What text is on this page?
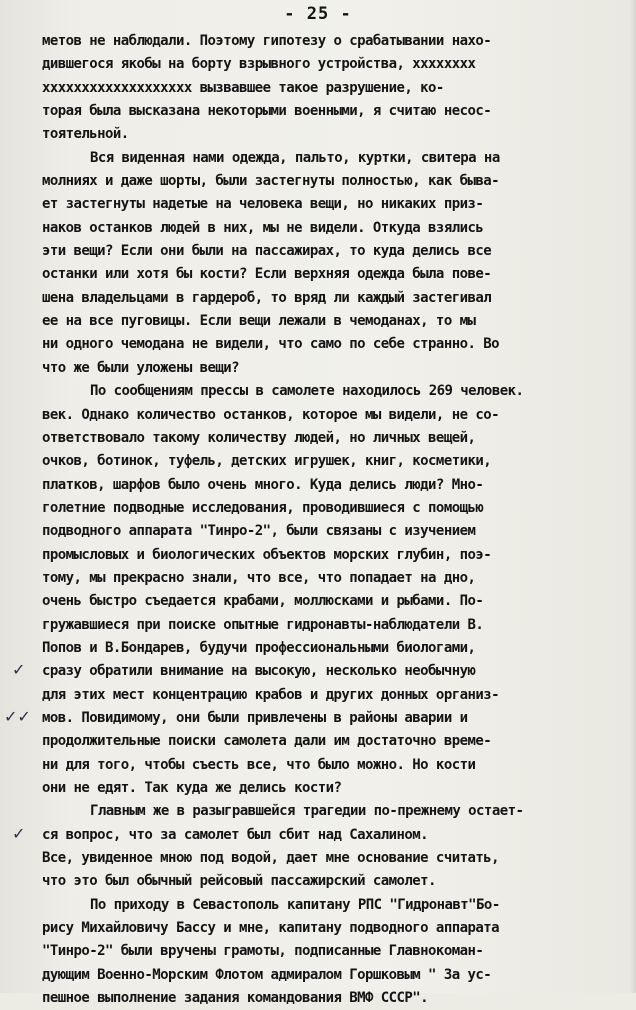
- 25 -
метов не наблюдали. Поэтому гипотезу о срабатывании нахо-
дившегося якобы на борту взрывного устройства, xxxxxxxx
xxxxxxxxxxxxxxxxxxx вызвавшее такое разрушение, ко-
торая была высказана некоторыми военными, я считаю несос-
тоятельной.
Вся виденная нами одежда, пальто, куртки, свитера на
молниях и даже шорты, были застегнуты полностью, как быва-
ет застегнуты надетые на человека вещи, но никаких приз-
наков останков людей в них, мы не видели. Откуда взялись
эти вещи? Если они были на пассажирах, то куда делись все
останки или хотя бы кости? Если верхняя одежда была пове-
шена владельцами в гардероб, то вряд ли каждый застегивал
ее на все пуговицы. Если вещи лежали в чемоданах, то мы
ни одного чемодана не видели, что само по себе странно. Во
что же были уложены вещи?
По сообщениям прессы в самолете находилось 269 человек.
век. Однако количество останков, которое мы видели, не со-
ответствовало такому количеству людей, но личных вещей,
очков, ботинок, туфель, детских игрушек, книг, косметики,
платков, шарфов было очень много. Куда делись люди? Мно-
голетние подводные исследования, проводившиеся с помощью
подводного аппарата "Тинро-2", были связаны с изучением
промысловых и биологических объектов морских глубин, поэ-
тому, мы прекрасно знали, что все, что попадает на дно,
очень быстро съедается крабами, моллюсками и рыбами. По-
гружавшиеся при поиске опытные гидронавты-наблюдатели В.
Попов и В.Бондарев, будучи профессиональными биологами,
сразу обратили внимание на высокую, несколько необычную
для этих мест концентрацию крабов и других донных организ-
мов. Повидимому, они были привлечены в районы аварии и
продолжительные поиски самолета дали им достаточно време-
ни для того, чтобы съесть все, что было можно. Но кости
они не едят. Так куда же делись кости?
Главным же в разыгравшейся трагедии по-прежнему остает-
ся вопрос, что за самолет был сбит над Сахалином.
Все, увиденное мною под водой, дает мне основание считать,
что это был обычный рейсовый пассажирский самолет.
По приходу в Севастополь капитану РПС "Гидронавт"Бо-
рису Михайловичу Бассу и мне, капитану подводного аппарата
"Тинро-2" были вручены грамоты, подписанные Главнокоман-
дующим Военно-Морским Флотом адмиралом Горшковым " За ус-
пешное выполнение задания командования ВМФ СССР".
✓
✓✓
✓
